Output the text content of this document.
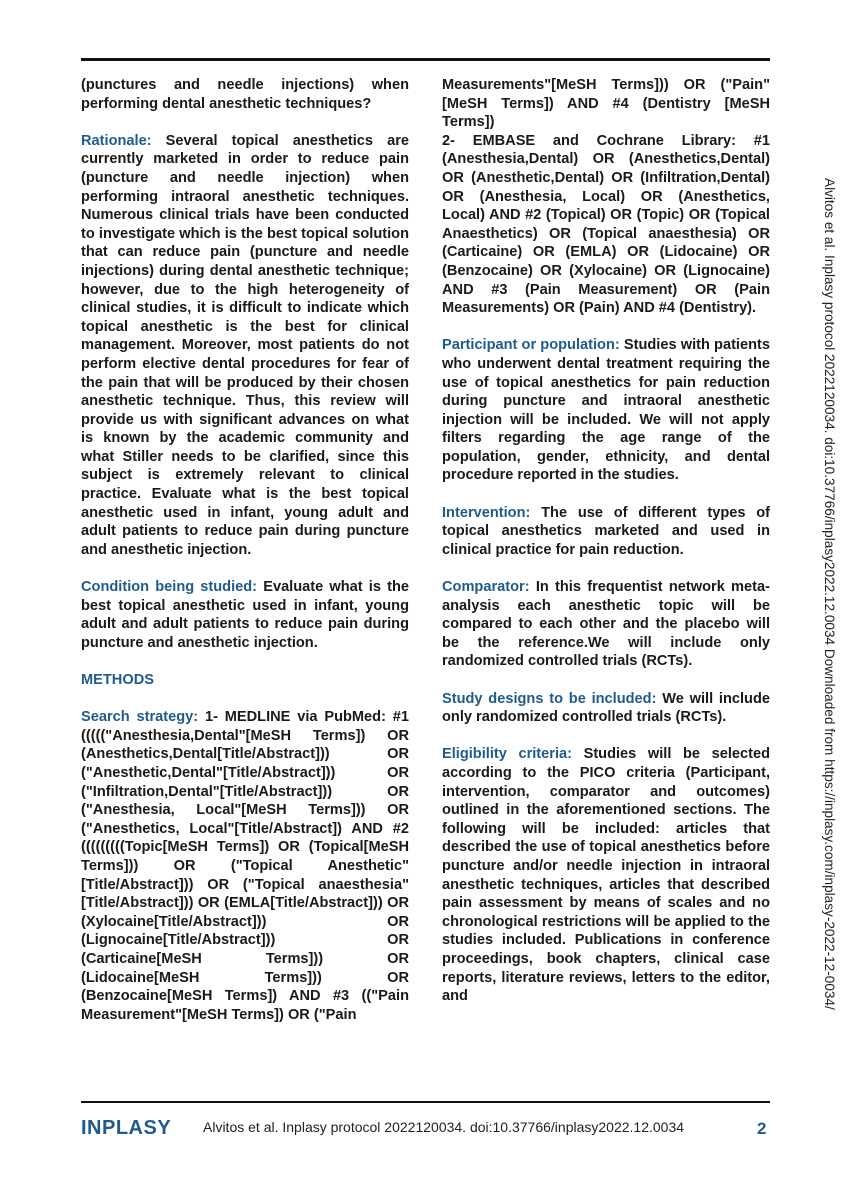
(punctures and needle injections) when performing dental anesthetic techniques?

Rationale: Several topical anesthetics are currently marketed in order to reduce pain (puncture and needle injection) when performing intraoral anesthetic techniques. Numerous clinical trials have been conducted to investigate which is the best topical solution that can reduce pain (puncture and needle injections) during dental anesthetic technique; however, due to the high heterogeneity of clinical studies, it is difficult to indicate which topical anesthetic is the best for clinical management. Moreover, most patients do not perform elective dental procedures for fear of the pain that will be produced by their chosen anesthetic technique. Thus, this review will provide us with significant advances on what is known by the academic community and what Stiller needs to be clarified, since this subject is extremely relevant to clinical practice. Evaluate what is the best topical anesthetic used in infant, young adult and adult patients to reduce pain during puncture and anesthetic injection.

Condition being studied: Evaluate what is the best topical anesthetic used in infant, young adult and adult patients to reduce pain during puncture and anesthetic injection.

METHODS

Search strategy: 1- MEDLINE via PubMed: #1 ((((("Anesthesia,Dental"[MeSH Terms]) OR (Anesthetics,Dental[Title/Abstract])) OR ("Anesthetic,Dental"[Title/Abstract])) OR ("Infiltration,Dental"[Title/Abstract])) OR ("Anesthesia, Local"[MeSH Terms])) OR ("Anesthetics, Local"[Title/Abstract]) AND #2 (((((((((Topic[MeSH Terms]) OR (Topical[MeSH Terms])) OR ("Topical Anesthetic"[Title/Abstract])) OR ("Topical anaesthesia"[Title/Abstract])) OR (EMLA[Title/Abstract])) OR (Xylocaine[Title/Abstract])) OR (Lignocaine[Title/Abstract])) OR (Carticaine[MeSH Terms])) OR (Lidocaine[MeSH Terms])) OR (Benzocaine[MeSH Terms]) AND #3 (("Pain Measurement"[MeSH Terms]) OR ("Pain

Measurements"[MeSH Terms])) OR ("Pain"[MeSH Terms]) AND #4 (Dentistry [MeSH Terms])

2- EMBASE and Cochrane Library: #1 (Anesthesia,Dental) OR (Anesthetics,Dental) OR (Anesthetic,Dental) OR (Infiltration,Dental) OR (Anesthesia, Local) OR (Anesthetics, Local) AND #2 (Topical) OR (Topic) OR (Topical Anaesthetics) OR (Topical anaesthesia) OR (Carticaine) OR (EMLA) OR (Lidocaine) OR (Benzocaine) OR (Xylocaine) OR (Lignocaine) AND #3 (Pain Measurement) OR (Pain Measurements) OR (Pain) AND #4 (Dentistry).

Participant or population: Studies with patients who underwent dental treatment requiring the use of topical anesthetics for pain reduction during puncture and intraoral anesthetic injection will be included. We will not apply filters regarding the age range of the population, gender, ethnicity, and dental procedure reported in the studies.

Intervention: The use of different types of topical anesthetics marketed and used in clinical practice for pain reduction.

Comparator: In this frequentist network meta-analysis each anesthetic topic will be compared to each other and the placebo will be the reference.We will include only randomized controlled trials (RCTs).

Study designs to be included: We will include only randomized controlled trials (RCTs).

Eligibility criteria: Studies will be selected according to the PICO criteria (Participant, intervention, comparator and outcomes) outlined in the aforementioned sections. The following will be included: articles that described the use of topical anesthetics before puncture and/or needle injection in intraoral anesthetic techniques, articles that described pain assessment by means of scales and no chronological restrictions will be applied to the studies included. Publications in conference proceedings, book chapters, clinical case reports, literature reviews, letters to the editor, and	Alvitos et al. Inplasy protocol 2022120034. doi:10.37766/inplasy2022.12.0034 Downloaded from https://inplasy.com/inplasy-2022-12-0034/
INPLASY Alvitos et al. Inplasy protocol 2022120034. doi:10.37766/inplasy2022.12.0034	2
